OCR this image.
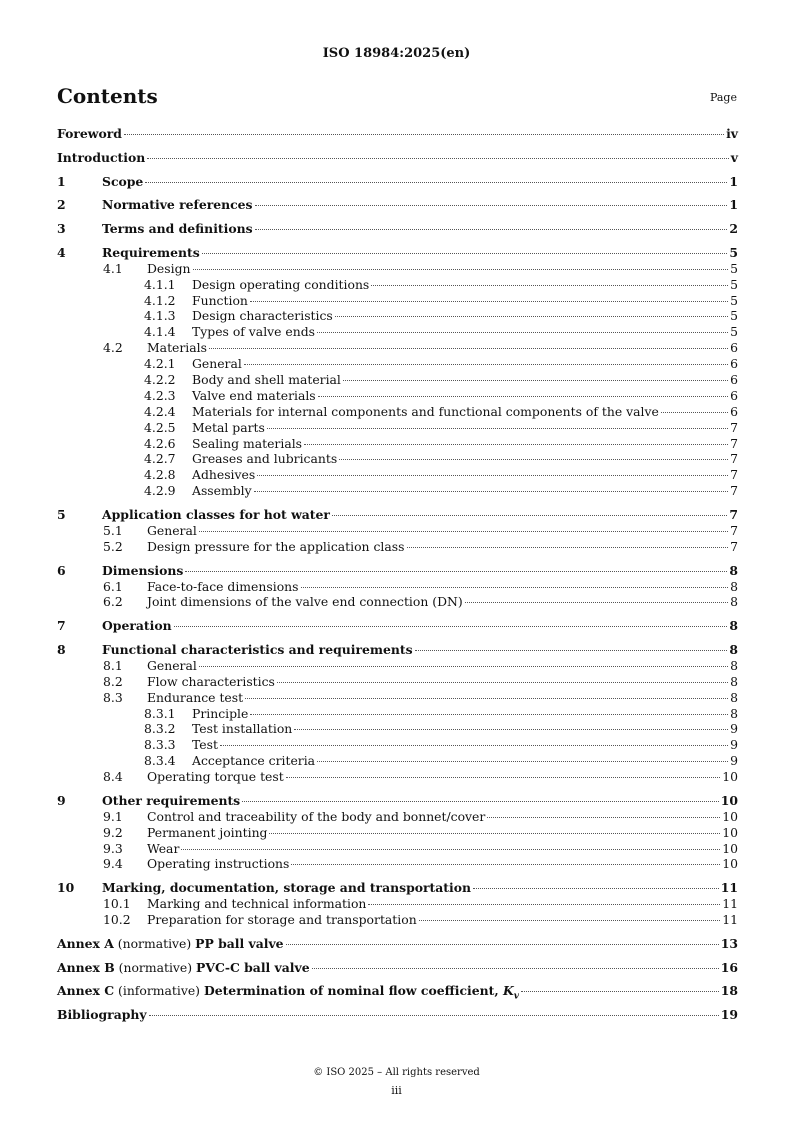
ISO 18984:2025(en)
Contents	Page
Foreword	iv
Introduction	v
1	Scope	1
2	Normative references	1
3	Terms and definitions	2
4	Requirements	5
4.1 Design	5
4.1.1 Design operating conditions	5
4.1.2 Function	5
4.1.3 Design characteristics	5
4.1.4 Types of valve ends	5
4.2 Materials	6
4.2.1 General	6
4.2.2 Body and shell material	6
4.2.3 Valve end materials	6
4.2.4 Materials for internal components and functional components of the valve	6
4.2.5 Metal parts	7
4.2.6 Sealing materials	7
4.2.7 Greases and lubricants	7
4.2.8 Adhesives	7
4.2.9 Assembly	7
5	Application classes for hot water	7
5.1 General	7
5.2 Design pressure for the application class	7
6	Dimensions	8
6.1 Face-to-face dimensions	8
6.2 Joint dimensions of the valve end connection (DN)	8
7	Operation	8
8	Functional characteristics and requirements	8
8.1 General	8
8.2 Flow characteristics	8
8.3 Endurance test	8
8.3.1 Principle	8
8.3.2 Test installation	9
8.3.3 Test	9
8.3.4 Acceptance criteria	9
8.4 Operating torque test	10
9	Other requirements	10
9.1 Control and traceability of the body and bonnet/cover	10
9.2 Permanent jointing	10
9.3 Wear	10
9.4 Operating instructions	10
10 Marking, documentation, storage and transportation	11
10.1 Marking and technical information	11
10.2 Preparation for storage and transportation	11
Annex A (normative) PP ball valve	13
Annex B (normative) PVC-C ball valve	16
Annex C (informative) Determination of nominal flow coefficient, $K_v$	18
Bibliography	19
© ISO 2025 – All rights reserved
iii
